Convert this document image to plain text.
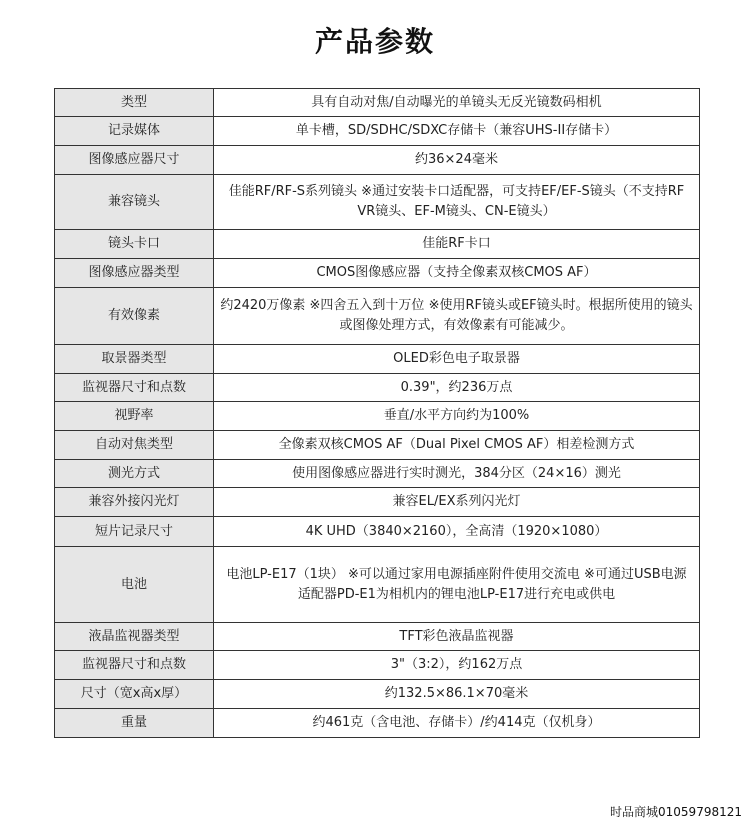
产品参数
类型	具有自动对焦/自动曝光的单镜头无反光镜数码相机
记录媒体	单卡槽，SD/SDHC/SDXC存储卡（兼容UHS-II存储卡）
图像感应器尺寸	约36×24毫米
兼容镜头	佳能RF/RF-S系列镜头 ※通过安装卡口适配器，可支持EF/EF-S镜头（不支持RF VR镜头、EF-M镜头、CN-E镜头）
镜头卡口	佳能RF卡口
图像感应器类型	CMOS图像感应器（支持全像素双核CMOS AF）
有效像素	约2420万像素 ※四舍五入到十万位 ※使用RF镜头或EF镜头时。根据所使用的镜头或图像处理方式，有效像素有可能减少。
取景器类型	OLED彩色电子取景器
监视器尺寸和点数	0.39"，约236万点
视野率	垂直/水平方向约为100%
自动对焦类型	全像素双核CMOS AF（Dual Pixel CMOS AF）相差检测方式
测光方式	使用图像感应器进行实时测光，384分区（24×16）测光
兼容外接闪光灯	兼容EL/EX系列闪光灯
短片记录尺寸	4K UHD（3840×2160），全高清（1920×1080）
电池	电池LP-E17（1块） ※可以通过家用电源插座附件使用交流电 ※可通过USB电源适配器PD-E1为相机内的锂电池LP-E17进行充电或供电
液晶监视器类型	TFT彩色液晶监视器
监视器尺寸和点数	3"（3:2），约162万点
尺寸（宽x高x厚）	约132.5×86.1×70毫米
重量	约461克（含电池、存储卡）/约414克（仅机身）
时品商城01059798121
